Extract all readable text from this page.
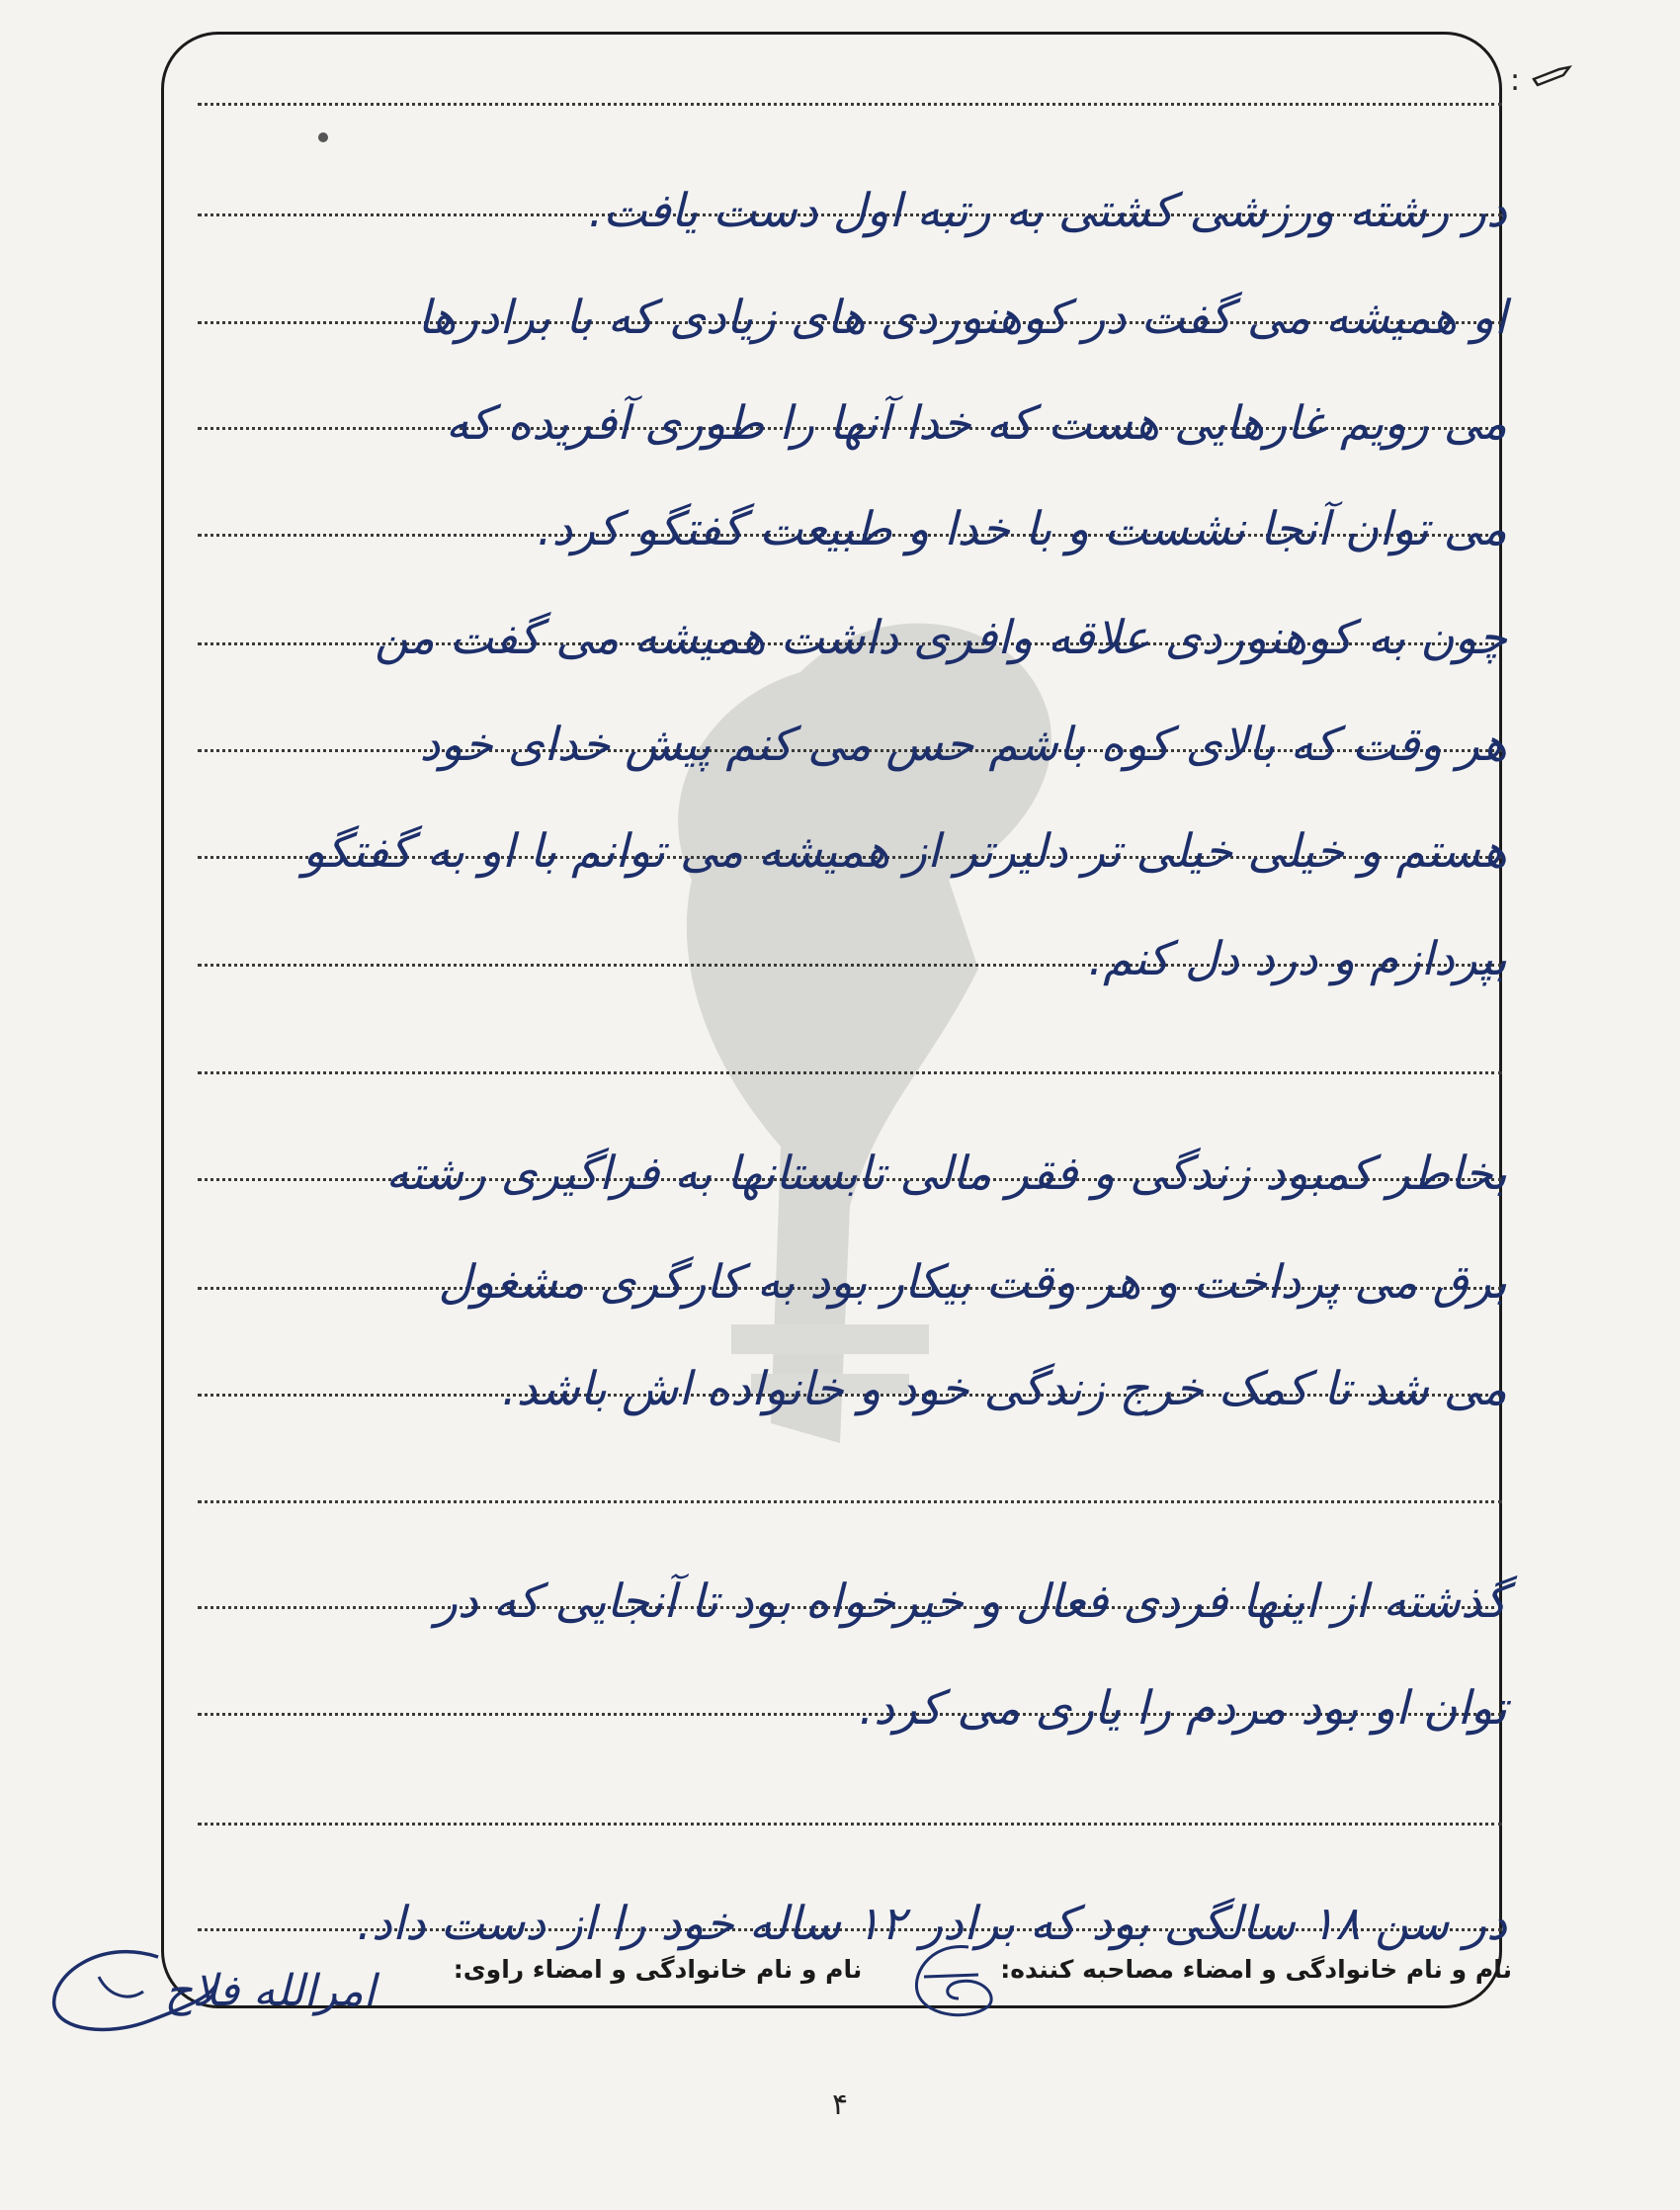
:
در رشته ورزشی کشتی به رتبه اول دست یافت.
او همیشه می گفت در کوهنوردی های زیادی که با برادرها
می رویم غارهایی هست که خدا آنها را طوری آفریده که
می توان آنجا نشست و با خدا و طبیعت گفتگو کرد.
چون به کوهنوردی علاقه وافری داشت همیشه می گفت من
هر وقت که بالای کوه باشم حس می کنم پیش خدای خود
هستم و خیلی خیلی تر دلیرتر از همیشه می توانم با او به گفتگو
بپردازم و درد دل کنم.
بخاطر کمبود زندگی و فقر مالی تابستانها به فراگیری رشته
برق می پرداخت و هر وقت بیکار بود به کارگری مشغول
می شد تا کمک خرج زندگی خود و خانواده اش باشد.
گذشته از اینها فردی فعال و خیرخواه بود تا آنجایی که در
توان او بود مردم را یاری می کرد.
در سن ۱۸ سالگی بود که برادر ۱۲ ساله خود را از دست داد.
نام و نام خانوادگی و امضاء مصاحبه کننده:نام و نام خانوادگی و امضاء راوی:
امرالله فلاح
۴
